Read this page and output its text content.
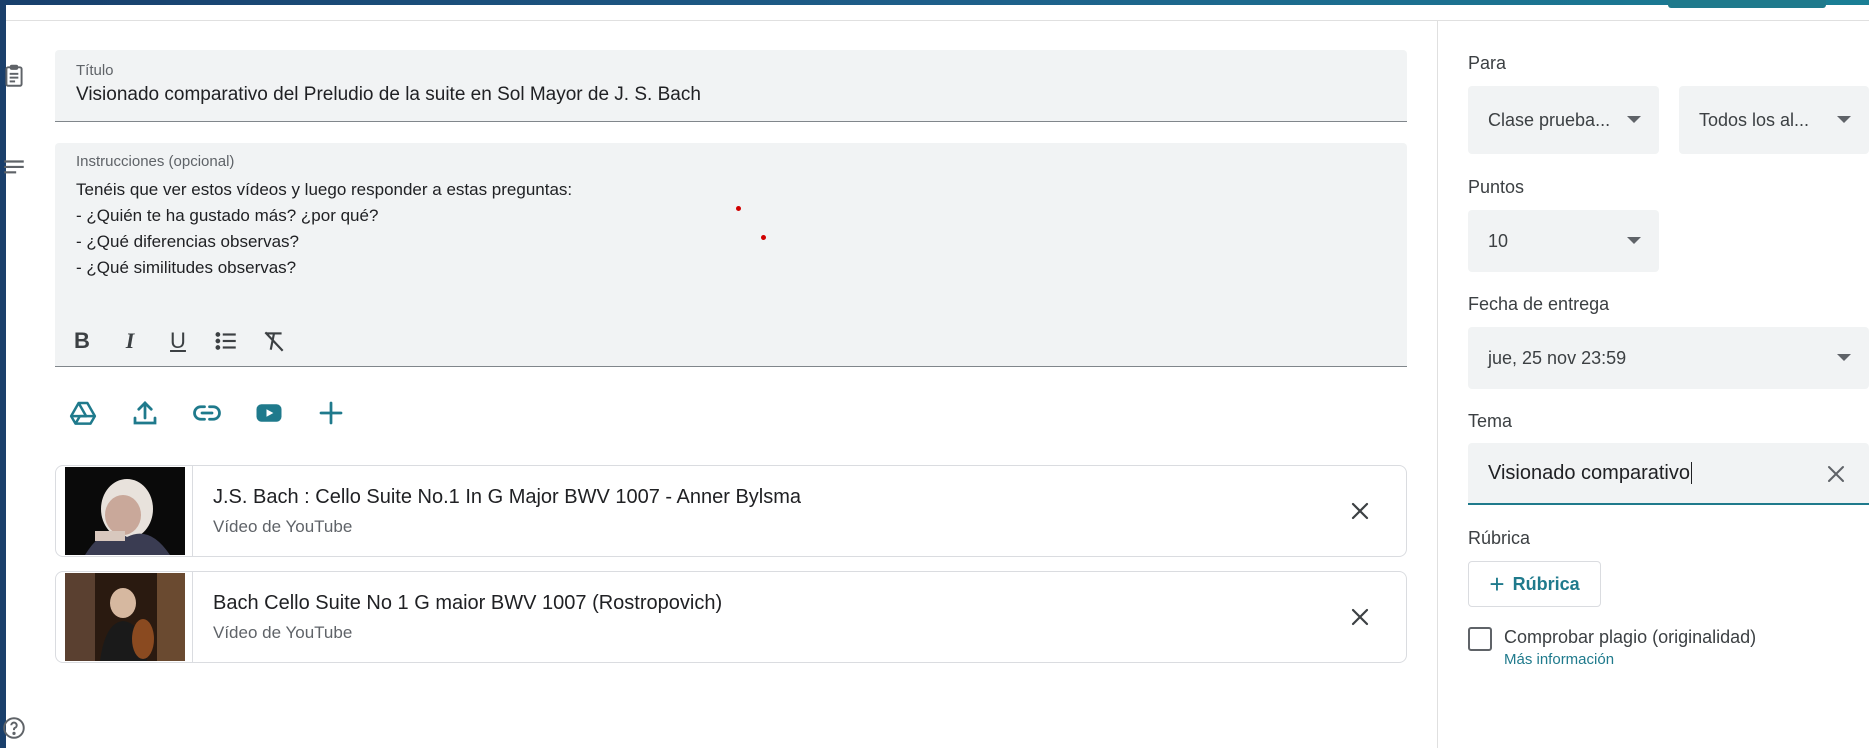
Título
Visionado comparativo del Preludio de la suite en Sol Mayor de J. S. Bach
Instrucciones (opcional)
Tenéis que ver estos vídeos y luego responder a estas preguntas:
- ¿Quién te ha gustado más? ¿por qué?
- ¿Qué diferencias observas?
- ¿Qué similitudes observas?
B	I	U
J.S. Bach : Cello Suite No.1 In G Major BWV 1007 - Anner Bylsma
Vídeo de YouTube
Bach Cello Suite No 1 G maior BWV 1007 (Rostropovich)
Vídeo de YouTube
Para
Clase prueba...	Todos los al...
Puntos
10
Fecha de entrega
jue, 25 nov 23:59
Tema
Visionado comparativo
Rúbrica
+ Rúbrica
Comprobar plagio (originalidad)
Más información
